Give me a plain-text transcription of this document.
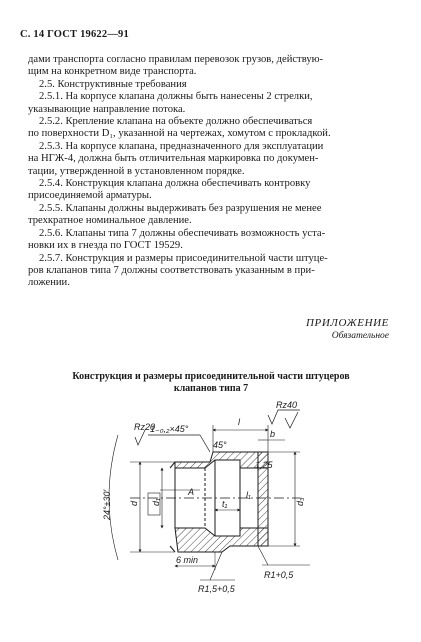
С. 14 ГОСТ 19622—91
дами транспорта согласно правилам перевозок грузов, действую-
щим на конкретном виде транспорта.
2.5. Конструктивные требования
2.5.1. На корпусе клапана должны быть нанесены 2 стрелки,
указывающие направление потока.
2.5.2. Крепление клапана на объекте должно обеспечиваться
по поверхности D₁, указанной на чертежах, хомутом с прокладкой.
2.5.3. На корпусе клапана, предназначенного для эксплуатации
на НГЖ-4, должна быть отличительная маркировка по докумен-
тации, утвержденной в установленном порядке.
2.5.4. Конструкция клапана должна обеспечивать контровку
присоединяемой арматуры.
2.5.5. Клапаны должны выдерживать без разрушения не менее
трехкратное номинальное давление.
2.5.6. Клапаны типа 7 должны обеспечивать возможность уста-
новки их в гнезда по ГОСТ 19529.
2.5.7. Конструкция и размеры присоединительной части штуце-
ров клапанов типа 7 должны соответствовать указанным в при-
ложении.
ПРИЛОЖЕНИЕ
Обязательное
Конструкция и размеры присоединительной части штуцеров
клапанов типа 7
1₋₀,₂×45°
l
b
Rz40
Rz20
45°
l₁
24°±30′ d d₁	d₃
A
t₁
1,25
6 min
R1+0,5
R1,5+0,5
